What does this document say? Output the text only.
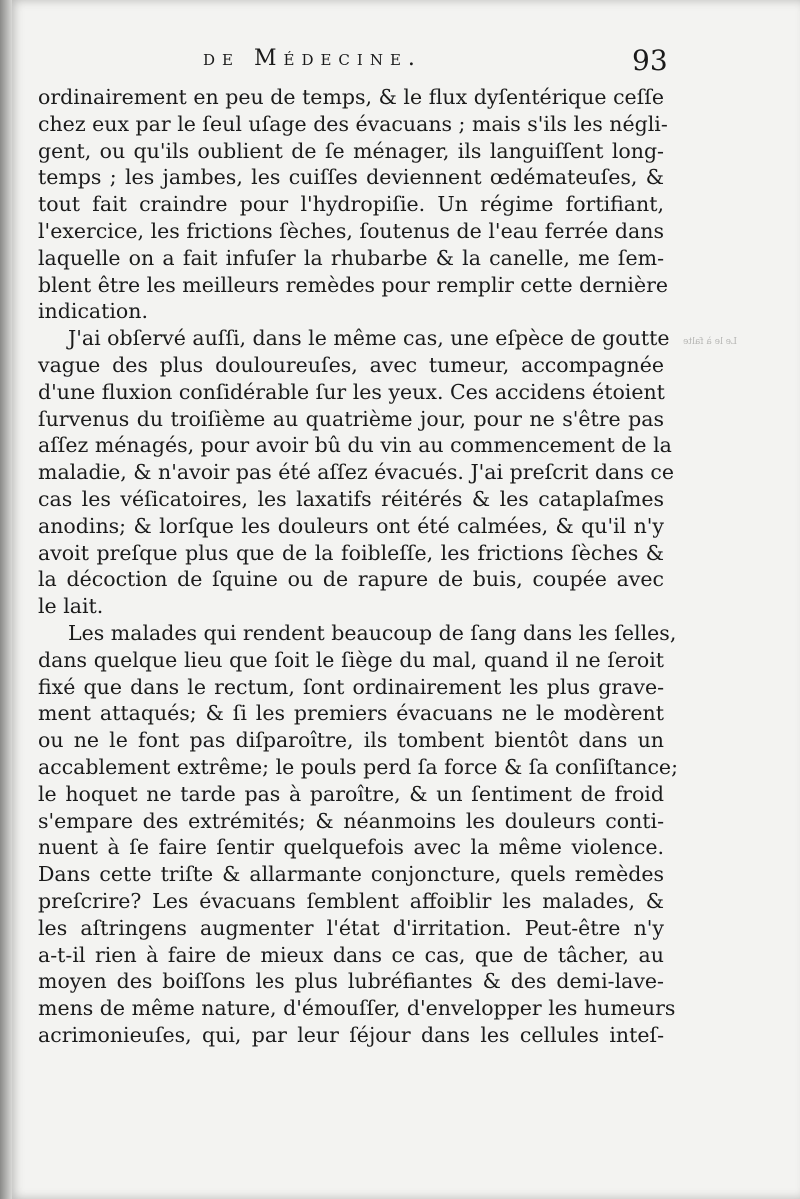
de Médecine.	93
ordinairement en peu de temps, & le flux dyſentérique ceſſe
chez eux par le ſeul uſage des évacuans ; mais s'ils les négli-
gent, ou qu'ils oublient de ſe ménager, ils languiſſent long-
temps ; les jambes, les cuiſſes deviennent œdémateuſes, &
tout fait craindre pour l'hydropiſie. Un régime fortifiant,
l'exercice, les frictions ſèches, ſoutenus de l'eau ferrée dans
laquelle on a fait infuſer la rhubarbe & la canelle, me ſem-
blent être les meilleurs remèdes pour remplir cette dernière
indication.
J'ai obſervé auſſi, dans le même cas, une eſpèce de goutte
vague des plus douloureuſes, avec tumeur, accompagnée
d'une fluxion conſidérable ſur les yeux. Ces accidens étoient
ſurvenus du troiſième au quatrième jour, pour ne s'être pas
aſſez ménagés, pour avoir bû du vin au commencement de la
maladie, & n'avoir pas été aſſez évacués. J'ai preſcrit dans ce
cas les véſicatoires, les laxatifs réitérés & les cataplaſmes
anodins; & lorſque les douleurs ont été calmées, & qu'il n'y
avoit preſque plus que de la foibleſſe, les frictions ſèches &
la décoction de ſquine ou de rapure de buis, coupée avec
le lait.
Les malades qui rendent beaucoup de ſang dans les ſelles,
dans quelque lieu que ſoit le ſiège du mal, quand il ne ſeroit
fixé que dans le rectum, ſont ordinairement les plus grave-
ment attaqués; & ſi les premiers évacuans ne le modèrent
ou ne le font pas diſparoître, ils tombent bientôt dans un
accablement extrême; le pouls perd ſa force & ſa conſiſtance;
le hoquet ne tarde pas à paroître, & un ſentiment de froid
s'empare des extrémités; & néanmoins les douleurs conti-
nuent à ſe faire ſentir quelquefois avec la même violence.
Dans cette triſte & allarmante conjoncture, quels remèdes
preſcrire? Les évacuans ſemblent affoiblir les malades, &
les aſtringens augmenter l'état d'irritation. Peut-être n'y
a-t-il rien à faire de mieux dans ce cas, que de tâcher, au
moyen des boiſſons les plus lubréfiantes & des demi-lave-
mens de même nature, d'émouſſer, d'envelopper les humeurs
acrimonieuſes, qui, par leur ſéjour dans les cellules inteſ-
Le le à falte
